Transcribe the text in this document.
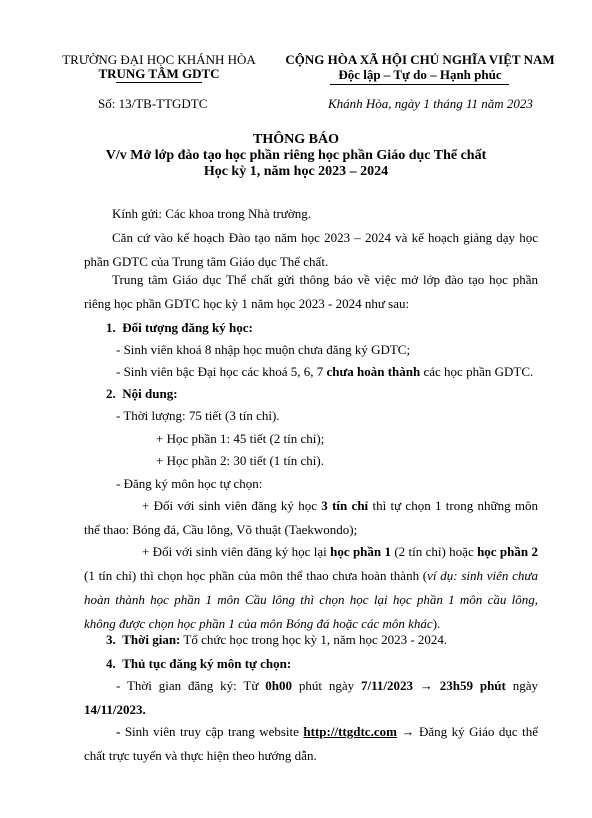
TRƯỜNG ĐẠI HỌC KHÁNH HÒA
TRUNG TÂM GDTC
CỘNG HÒA XÃ HỘI CHỦ NGHĨA VIỆT NAM
Độc lập – Tự do – Hạnh phúc
Số: 13/TB-TTGDTC	Khánh Hòa, ngày 1 tháng 11 năm 2023
THÔNG BÁO
V/v Mở lớp đào tạo học phần riêng học phần Giáo dục Thể chất
Học kỳ 1, năm học 2023 – 2024
Kính gửi: Các khoa trong Nhà trường.
Căn cứ vào kế hoạch Đào tạo năm học 2023 – 2024 và kế hoạch giảng dạy học phần GDTC của Trung tâm Giáo dục Thể chất.
Trung tâm Giáo dục Thể chất gửi thông báo về việc mở lớp đào tạo học phần riêng học phần GDTC học kỳ 1 năm học 2023 - 2024 như sau:
1. Đối tượng đăng ký học:
- Sinh viên khoá 8 nhập học muộn chưa đăng ký GDTC;
- Sinh viên bậc Đại học các khoá 5, 6, 7 chưa hoàn thành các học phần GDTC.
2. Nội dung:
- Thời lượng: 75 tiết (3 tín chỉ).
+ Học phần 1: 45 tiết (2 tín chỉ);
+ Học phần 2: 30 tiết (1 tín chỉ).
- Đăng ký môn học tự chọn:
+ Đối với sinh viên đăng ký học 3 tín chỉ thì tự chọn 1 trong những môn thể thao: Bóng đá, Cầu lông, Võ thuật (Taekwondo);
+ Đối với sinh viên đăng ký học lại học phần 1 (2 tín chỉ) hoặc học phần 2 (1 tín chỉ) thì chọn học phần của môn thể thao chưa hoàn thành (ví dụ: sinh viên chưa hoàn thành học phần 1 môn Cầu lông thì chọn học lại học phần 1 môn cầu lông, không được chọn học phần 1 của môn Bóng đá hoặc các môn khác).
3. Thời gian: Tổ chức học trong học kỳ 1, năm học 2023 - 2024.
4. Thủ tục đăng ký môn tự chọn:
- Thời gian đăng ký: Từ 0h00 phút ngày 7/11/2023 → 23h59 phút ngày 14/11/2023.
- Sinh viên truy cập trang website http://ttgdtc.com → Đăng ký Giáo dục thể chất trực tuyến và thực hiện theo hướng dẫn.
